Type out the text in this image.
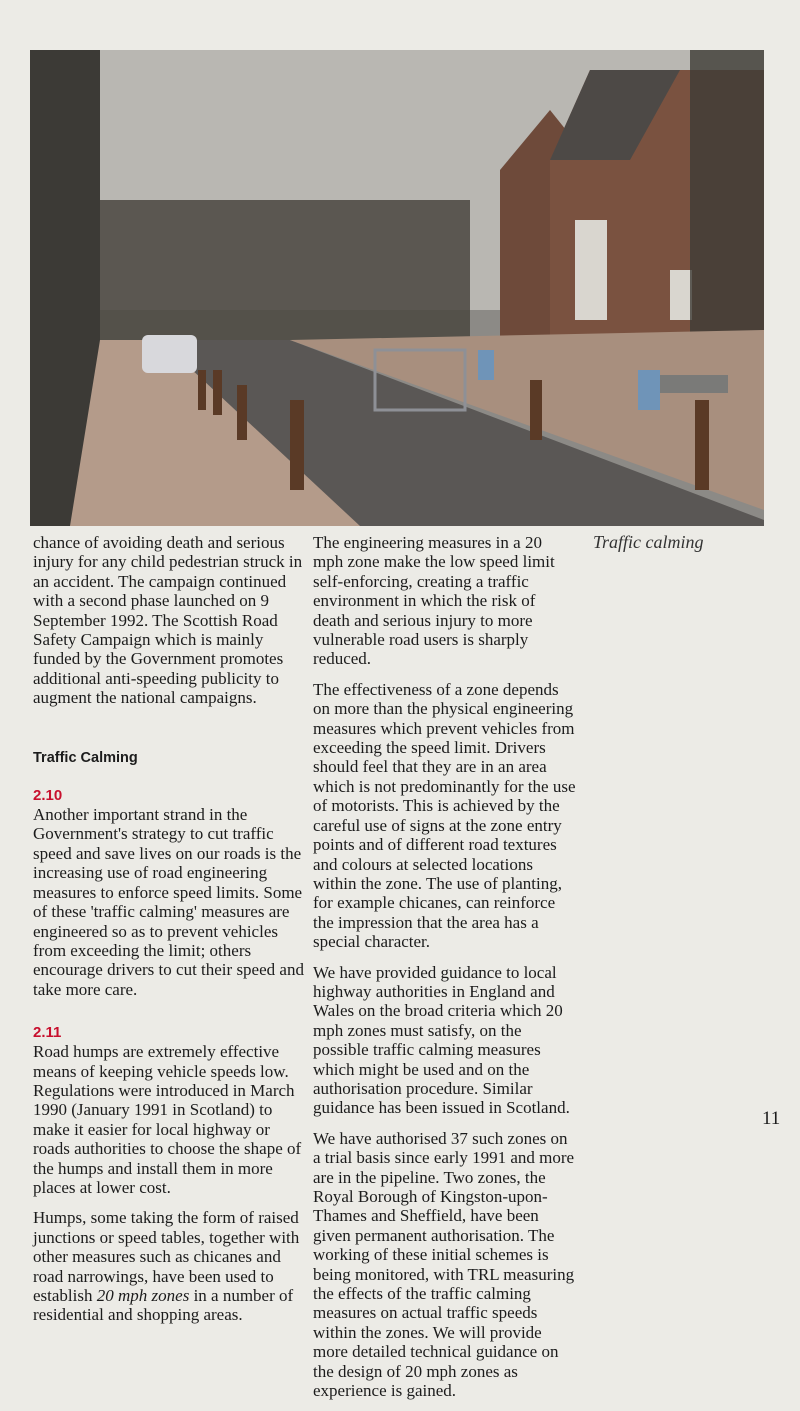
Traffic calming

chance of avoiding death and serious injury for any child pedestrian struck in an accident. The campaign continued with a second phase launched on 9 September 1992. The Scottish Road Safety Campaign which is mainly funded by the Government promotes additional anti-speeding publicity to augment the national campaigns.

Traffic Calming
2.10

Another important strand in the Government's strategy to cut traffic speed and save lives on our roads is the increasing use of road engineering measures to enforce speed limits. Some of these 'traffic calming' measures are engineered so as to prevent vehicles from exceeding the limit; others encourage drivers to cut their speed and take more care.

2.11

Road humps are extremely effective means of keeping vehicle speeds low. Regulations were introduced in March 1990 (January 1991 in Scotland) to make it easier for local highway or roads authorities to choose the shape of the humps and install them in more places at lower cost.

Humps, some taking the form of raised junctions or speed tables, together with other measures such as chicanes and road narrowings, have been used to establish 20 mph zones in a number of residential and shopping areas.

The engineering measures in a 20 mph zone make the low speed limit self-enforcing, creating a traffic environment in which the risk of death and serious injury to more vulnerable road users is sharply reduced.

The effectiveness of a zone depends on more than the physical engineering measures which prevent vehicles from exceeding the speed limit. Drivers should feel that they are in an area which is not predominantly for the use of motorists. This is achieved by the careful use of signs at the zone entry points and of different road textures and colours at selected locations within the zone. The use of planting, for example chicanes, can reinforce the impression that the area has a special character.

We have provided guidance to local highway authorities in England and Wales on the broad criteria which 20 mph zones must satisfy, on the possible traffic calming measures which might be used and on the authorisation procedure. Similar guidance has been issued in Scotland.

We have authorised 37 such zones on a trial basis since early 1991 and more are in the pipeline. Two zones, the Royal Borough of Kingston-upon-Thames and Sheffield, have been given permanent authorisation. The working of these initial schemes is being monitored, with TRL measuring the effects of the traffic calming measures on actual traffic speeds within the zones. We will provide more detailed technical guidance on the design of 20 mph zones as experience is gained.

11
